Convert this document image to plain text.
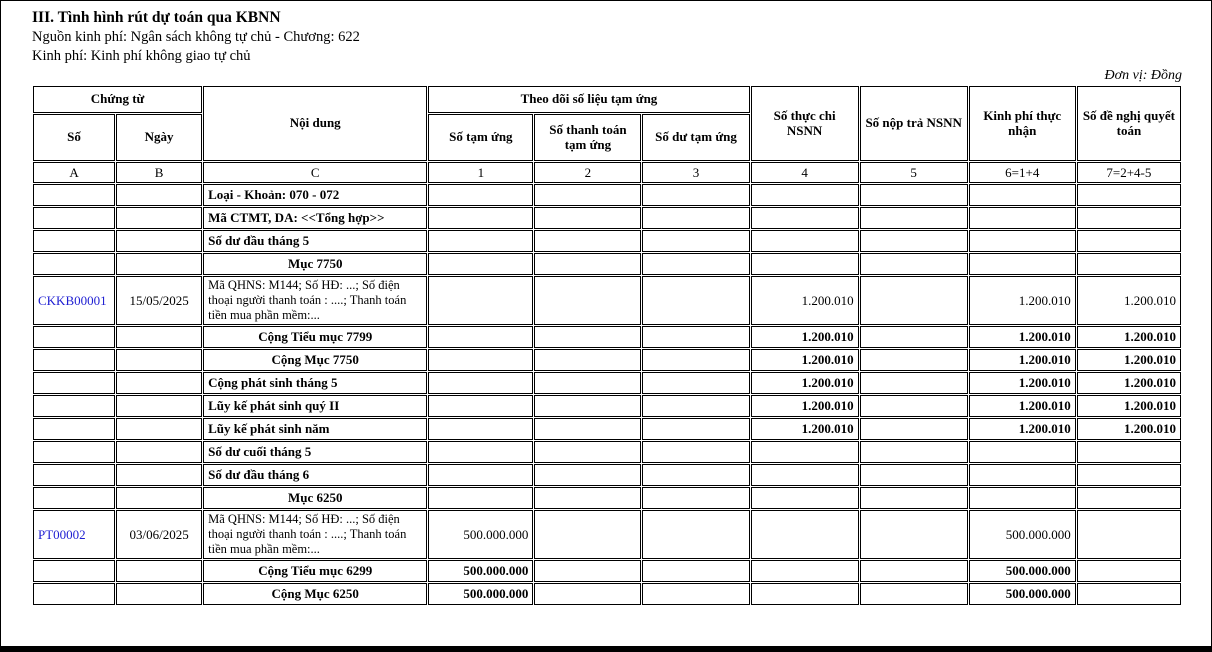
III. Tình hình rút dự toán qua KBNN
Nguồn kinh phí: Ngân sách không tự chủ - Chương: 622
Kinh phí: Kinh phí không giao tự chủ
Đơn vị: Đồng
Chứng từ		Nội dung	Theo dõi số liệu tạm ứng			Số thực chi NSNN	Số nộp trả NSNN	Kinh phí thực nhận	Số đề nghị quyết toán
Số	Ngày		Số tạm ứng	Số thanh toán tạm ứng	Số dư tạm ứng				
A	B	C	1	2	3	4	5	6=1+4	7=2+4-5
		Loại - Khoản: 070 - 072							
		Mã CTMT, DA: <<Tổng hợp>>							
		Số dư đầu tháng 5							
		Mục 7750							
CKKB00001	15/05/2025	Mã QHNS: M144; Số HĐ: ...; Số điện thoại người thanh toán : ....; Thanh toán tiền mua phần mềm:...				1.200.010		1.200.010	1.200.010
		Cộng Tiểu mục 7799				1.200.010		1.200.010	1.200.010
		Cộng Mục 7750				1.200.010		1.200.010	1.200.010
		Cộng phát sinh tháng 5				1.200.010		1.200.010	1.200.010
		Lũy kế phát sinh quý II				1.200.010		1.200.010	1.200.010
		Lũy kế phát sinh năm				1.200.010		1.200.010	1.200.010
		Số dư cuối tháng 5							
		Số dư đầu tháng 6							
		Mục 6250							
PT00002	03/06/2025	Mã QHNS: M144; Số HĐ: ...; Số điện thoại người thanh toán : ....; Thanh toán tiền mua phần mềm:...	500.000.000					500.000.000	
		Cộng Tiểu mục 6299	500.000.000					500.000.000	
		Cộng Mục 6250	500.000.000					500.000.000	
